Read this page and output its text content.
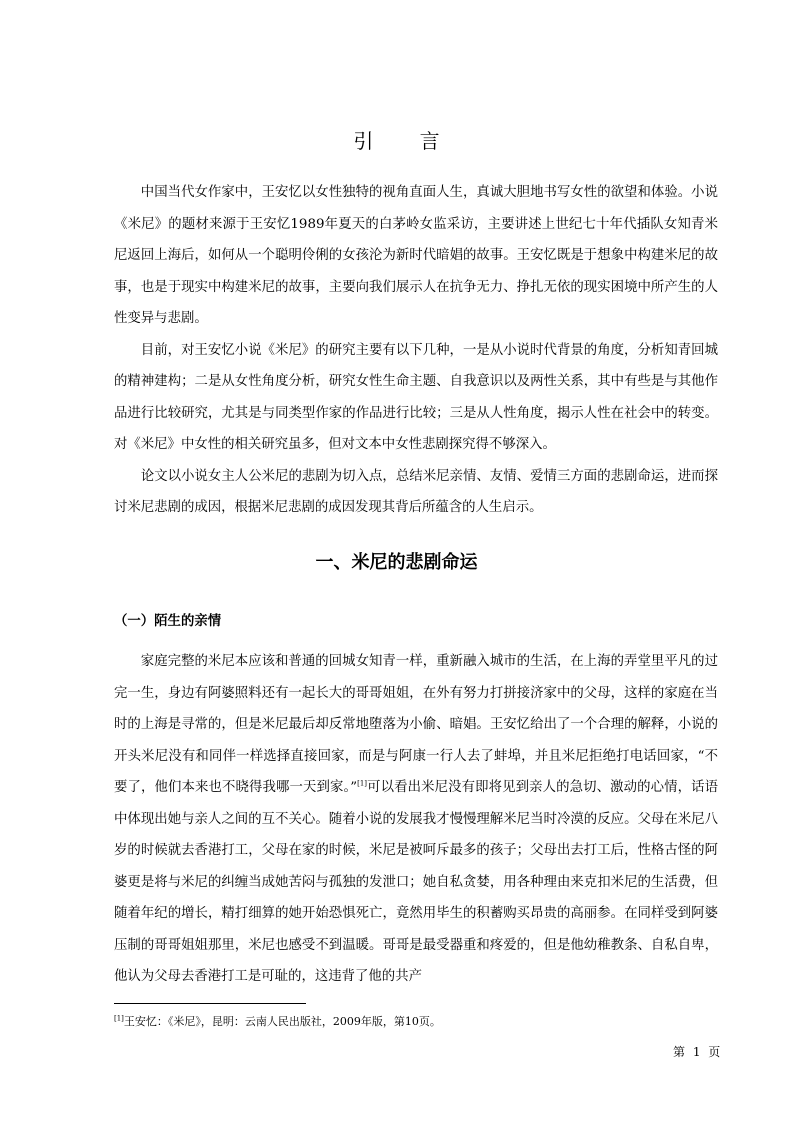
引 言

中国当代女作家中，王安忆以女性独特的视角直面人生，真诚大胆地书写女性的欲望和体验。小说《米尼》的题材来源于王安忆1989年夏天的白茅岭女监采访，主要讲述上世纪七十年代插队女知青米尼返回上海后，如何从一个聪明伶俐的女孩沦为新时代暗娼的故事。王安忆既是于想象中构建米尼的故事，也是于现实中构建米尼的故事，主要向我们展示人在抗争无力、挣扎无依的现实困境中所产生的人性变异与悲剧。

目前，对王安忆小说《米尼》的研究主要有以下几种，一是从小说时代背景的角度，分析知青回城的精神建构；二是从女性角度分析，研究女性生命主题、自我意识以及两性关系，其中有些是与其他作品进行比较研究，尤其是与同类型作家的作品进行比较；三是从人性角度，揭示人性在社会中的转变。对《米尼》中女性的相关研究虽多，但对文本中女性悲剧探究得不够深入。

论文以小说女主人公米尼的悲剧为切入点，总结米尼亲情、友情、爱情三方面的悲剧命运，进而探讨米尼悲剧的成因，根据米尼悲剧的成因发现其背后所蕴含的人生启示。

一、米尼的悲剧命运
（一）陌生的亲情

家庭完整的米尼本应该和普通的回城女知青一样，重新融入城市的生活，在上海的弄堂里平凡的过完一生，身边有阿婆照料还有一起长大的哥哥姐姐，在外有努力打拼接济家中的父母，这样的家庭在当时的上海是寻常的，但是米尼最后却反常地堕落为小偷、暗娼。王安忆给出了一个合理的解释，小说的开头米尼没有和同伴一样选择直接回家，而是与阿康一行人去了蚌埠，并且米尼拒绝打电话回家，“不要了，他们本来也不晓得我哪一天到家。”[1]可以看出米尼没有即将见到亲人的急切、激动的心情，话语中体现出她与亲人之间的互不关心。随着小说的发展我才慢慢理解米尼当时冷漠的反应。父母在米尼八岁的时候就去香港打工，父母在家的时候，米尼是被呵斥最多的孩子；父母出去打工后，性格古怪的阿婆更是将与米尼的纠缠当成她苦闷与孤独的发泄口；她自私贪婪，用各种理由来克扣米尼的生活费，但随着年纪的增长，精打细算的她开始恐惧死亡，竟然用毕生的积蓄购买昂贵的高丽参。在同样受到阿婆压制的哥哥姐姐那里，米尼也感受不到温暖。哥哥是最受器重和疼爱的，但是他幼稚教条、自私自卑，他认为父母去香港打工是可耻的，这违背了他的共产

[1]王安忆：《米尼》，昆明：云南人民出版社，2009年版，第10页。
第 1 页
